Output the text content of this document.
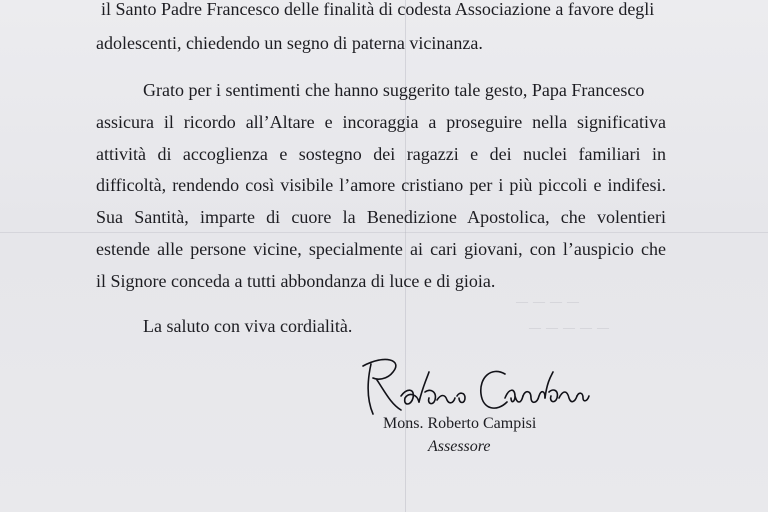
— — — —
— — — — —
il Santo Padre Francesco delle finalità di codesta Associazione a favore degli
adolescenti, chiedendo un segno di paterna vicinanza.
Grato per i sentimenti che hanno suggerito tale gesto, Papa Francesco
assicura il ricordo all’Altare e incoraggia a proseguire nella significativa
attività di accoglienza e sostegno dei ragazzi e dei nuclei familiari in
difficoltà, rendendo così visibile l’amore cristiano per i più piccoli e indifesi.
Sua Santità, imparte di cuore la Benedizione Apostolica, che volentieri
estende alle persone vicine, specialmente ai cari giovani, con l’auspicio che
il Signore conceda a tutti abbondanza di luce e di gioia.
La saluto con viva cordialità.
Mons. Roberto Campisi
Assessore
